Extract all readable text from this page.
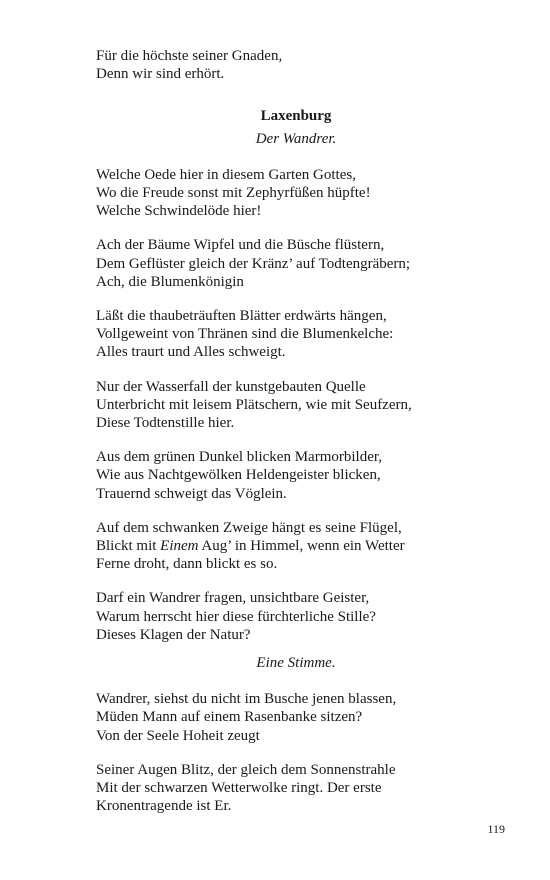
Für die höchste seiner Gnaden,
Denn wir sind erhört.
Laxenburg
Der Wandrer.
Welche Oede hier in diesem Garten Gottes,
Wo die Freude sonst mit Zephyrfüßen hüpfte!
Welche Schwindelöde hier!
Ach der Bäume Wipfel und die Büsche flüstern,
Dem Geflüster gleich der Kränz’ auf Todtengräbern;
Ach, die Blumenkönigin
Läßt die thaubeträuften Blätter erdwärts hängen,
Vollgeweint von Thränen sind die Blumenkelche:
Alles traurt und Alles schweigt.
Nur der Wasserfall der kunstgebauten Quelle
Unterbricht mit leisem Plätschern, wie mit Seufzern,
Diese Todtenstille hier.
Aus dem grünen Dunkel blicken Marmorbilder,
Wie aus Nachtgewölken Heldengeister blicken,
Trauernd schweigt das Vöglein.
Auf dem schwanken Zweige hängt es seine Flügel,
Blickt mit Einem Aug’ in Himmel, wenn ein Wetter
Ferne droht, dann blickt es so.
Darf ein Wandrer fragen, unsichtbare Geister,
Warum herrscht hier diese fürchterliche Stille?
Dieses Klagen der Natur?
Eine Stimme.
Wandrer, siehst du nicht im Busche jenen blassen,
Müden Mann auf einem Rasenbanke sitzen?
Von der Seele Hoheit zeugt
Seiner Augen Blitz, der gleich dem Sonnenstrahle
Mit der schwarzen Wetterwolke ringt. Der erste
Kronentragende ist Er.
119
